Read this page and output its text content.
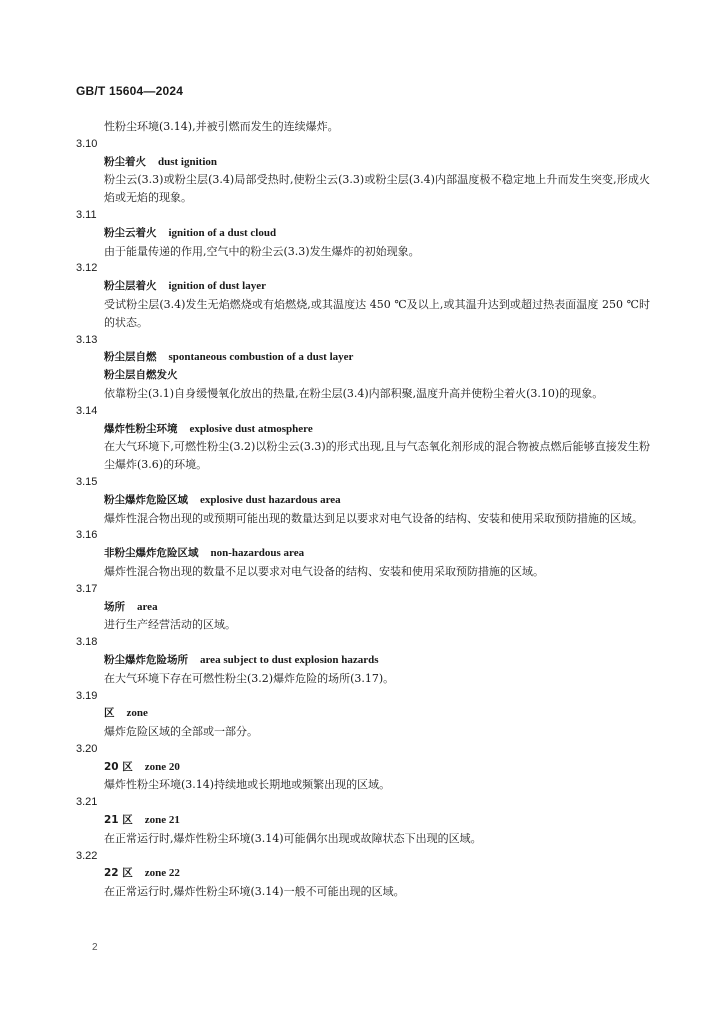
GB/T 15604—2024

性粉尘环境(3.14),并被引燃而发生的连续爆炸。

3.10

粉尘着火 dust ignition

粉尘云(3.3)或粉尘层(3.4)局部受热时,使粉尘云(3.3)或粉尘层(3.4)内部温度极不稳定地上升而发生突变,形成火焰或无焰的现象。

3.11

粉尘云着火 ignition of a dust cloud

由于能量传递的作用,空气中的粉尘云(3.3)发生爆炸的初始现象。

3.12

粉尘层着火 ignition of dust layer

受试粉尘层(3.4)发生无焰燃烧或有焰燃烧,或其温度达 450 ℃及以上,或其温升达到或超过热表面温度 250 ℃时的状态。

3.13

粉尘层自燃 spontaneous combustion of a dust layer

粉尘层自燃发火

依靠粉尘(3.1)自身缓慢氧化放出的热量,在粉尘层(3.4)内部积聚,温度升高并使粉尘着火(3.10)的现象。

3.14

爆炸性粉尘环境 explosive dust atmosphere

在大气环境下,可燃性粉尘(3.2)以粉尘云(3.3)的形式出现,且与气态氧化剂形成的混合物被点燃后能够直接发生粉尘爆炸(3.6)的环境。

3.15

粉尘爆炸危险区域 explosive dust hazardous area

爆炸性混合物出现的或预期可能出现的数量达到足以要求对电气设备的结构、安装和使用采取预防措施的区域。

3.16

非粉尘爆炸危险区域 non-hazardous area

爆炸性混合物出现的数量不足以要求对电气设备的结构、安装和使用采取预防措施的区域。

3.17

场所 area

进行生产经营活动的区域。

3.18

粉尘爆炸危险场所 area subject to dust explosion hazards

在大气环境下存在可燃性粉尘(3.2)爆炸危险的场所(3.17)。

3.19

区 zone

爆炸危险区域的全部或一部分。

3.20

20 区 zone 20

爆炸性粉尘环境(3.14)持续地或长期地或频繁出现的区域。

3.21

21 区 zone 21

在正常运行时,爆炸性粉尘环境(3.14)可能偶尔出现或故障状态下出现的区域。

3.22

22 区 zone 22

在正常运行时,爆炸性粉尘环境(3.14)一般不可能出现的区域。

2
